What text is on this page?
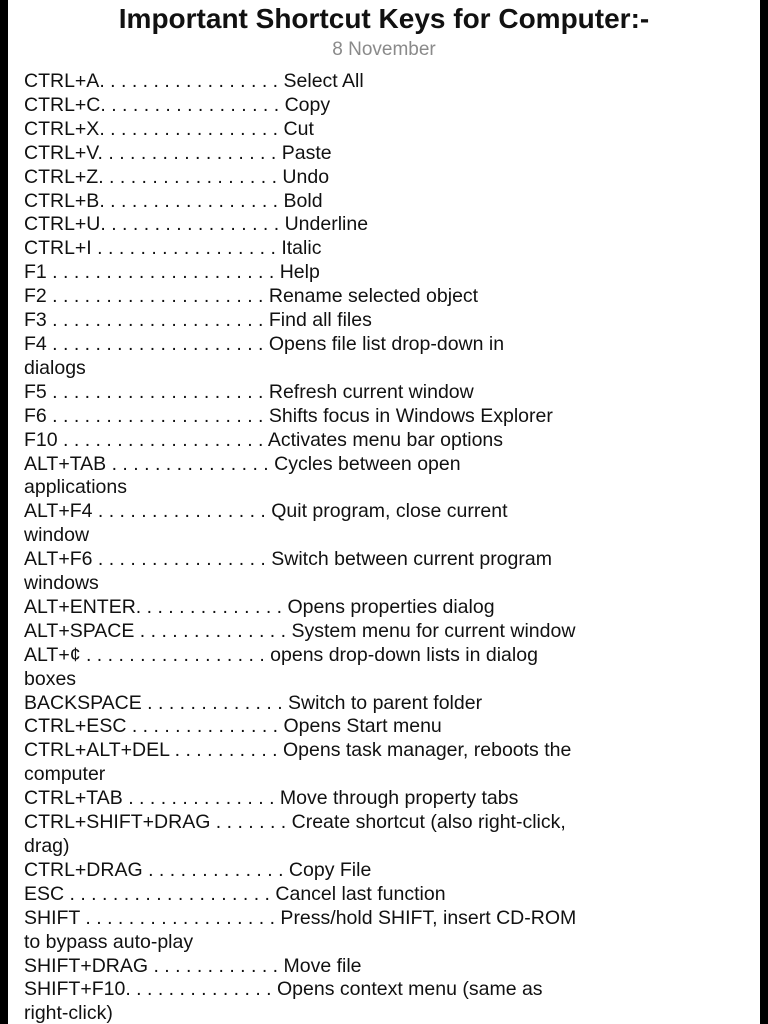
Important Shortcut Keys for Computer:-
8 November
CTRL+A. . . . . . . . . . . . . . . . . Select All
CTRL+C. . . . . . . . . . . . . . . . . Copy
CTRL+X. . . . . . . . . . . . . . . . . Cut
CTRL+V. . . . . . . . . . . . . . . . . Paste
CTRL+Z. . . . . . . . . . . . . . . . . Undo
CTRL+B. . . . . . . . . . . . . . . . . Bold
CTRL+U. . . . . . . . . . . . . . . . . Underline
CTRL+I . . . . . . . . . . . . . . . . . Italic
F1 . . . . . . . . . . . . . . . . . . . . . Help
F2 . . . . . . . . . . . . . . . . . . . . Rename selected object
F3 . . . . . . . . . . . . . . . . . . . . Find all files
F4 . . . . . . . . . . . . . . . . . . . . Opens file list drop-down in
dialogs
F5 . . . . . . . . . . . . . . . . . . . . Refresh current window
F6 . . . . . . . . . . . . . . . . . . . . Shifts focus in Windows Explorer
F10 . . . . . . . . . . . . . . . . . . . Activates menu bar options
ALT+TAB . . . . . . . . . . . . . . . Cycles between open
applications
ALT+F4 . . . . . . . . . . . . . . . . Quit program, close current
window
ALT+F6 . . . . . . . . . . . . . . . . Switch between current program
windows
ALT+ENTER. . . . . . . . . . . . . . Opens properties dialog
ALT+SPACE . . . . . . . . . . . . . . System menu for current window
ALT+¢ . . . . . . . . . . . . . . . . . opens drop-down lists in dialog
boxes
BACKSPACE . . . . . . . . . . . . . Switch to parent folder
CTRL+ESC . . . . . . . . . . . . . . Opens Start menu
CTRL+ALT+DEL . . . . . . . . . . Opens task manager, reboots the
computer
CTRL+TAB . . . . . . . . . . . . . . Move through property tabs
CTRL+SHIFT+DRAG . . . . . . . Create shortcut (also right-click,
drag)
CTRL+DRAG . . . . . . . . . . . . . Copy File
ESC . . . . . . . . . . . . . . . . . . . Cancel last function
SHIFT . . . . . . . . . . . . . . . . . . Press/hold SHIFT, insert CD-ROM
to bypass auto-play
SHIFT+DRAG . . . . . . . . . . . . Move file
SHIFT+F10. . . . . . . . . . . . . . Opens context menu (same as
right-click)
